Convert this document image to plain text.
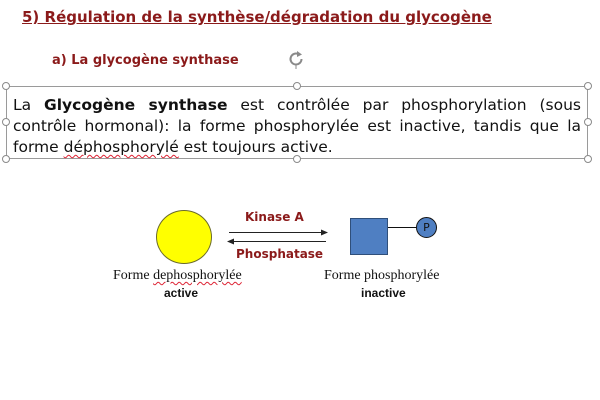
5) Régulation de la synthèse/dégradation du glycogène
a) La glycogène synthase
La Glycogène synthase est contrôlée par phosphorylation (sous contrôle hormonal): la forme phosphorylée est inactive, tandis que la forme déphosphorylé est toujours active.
Kinase A
Phosphatase
P
Forme dephosphorylée
active
Forme phosphorylée
inactive
